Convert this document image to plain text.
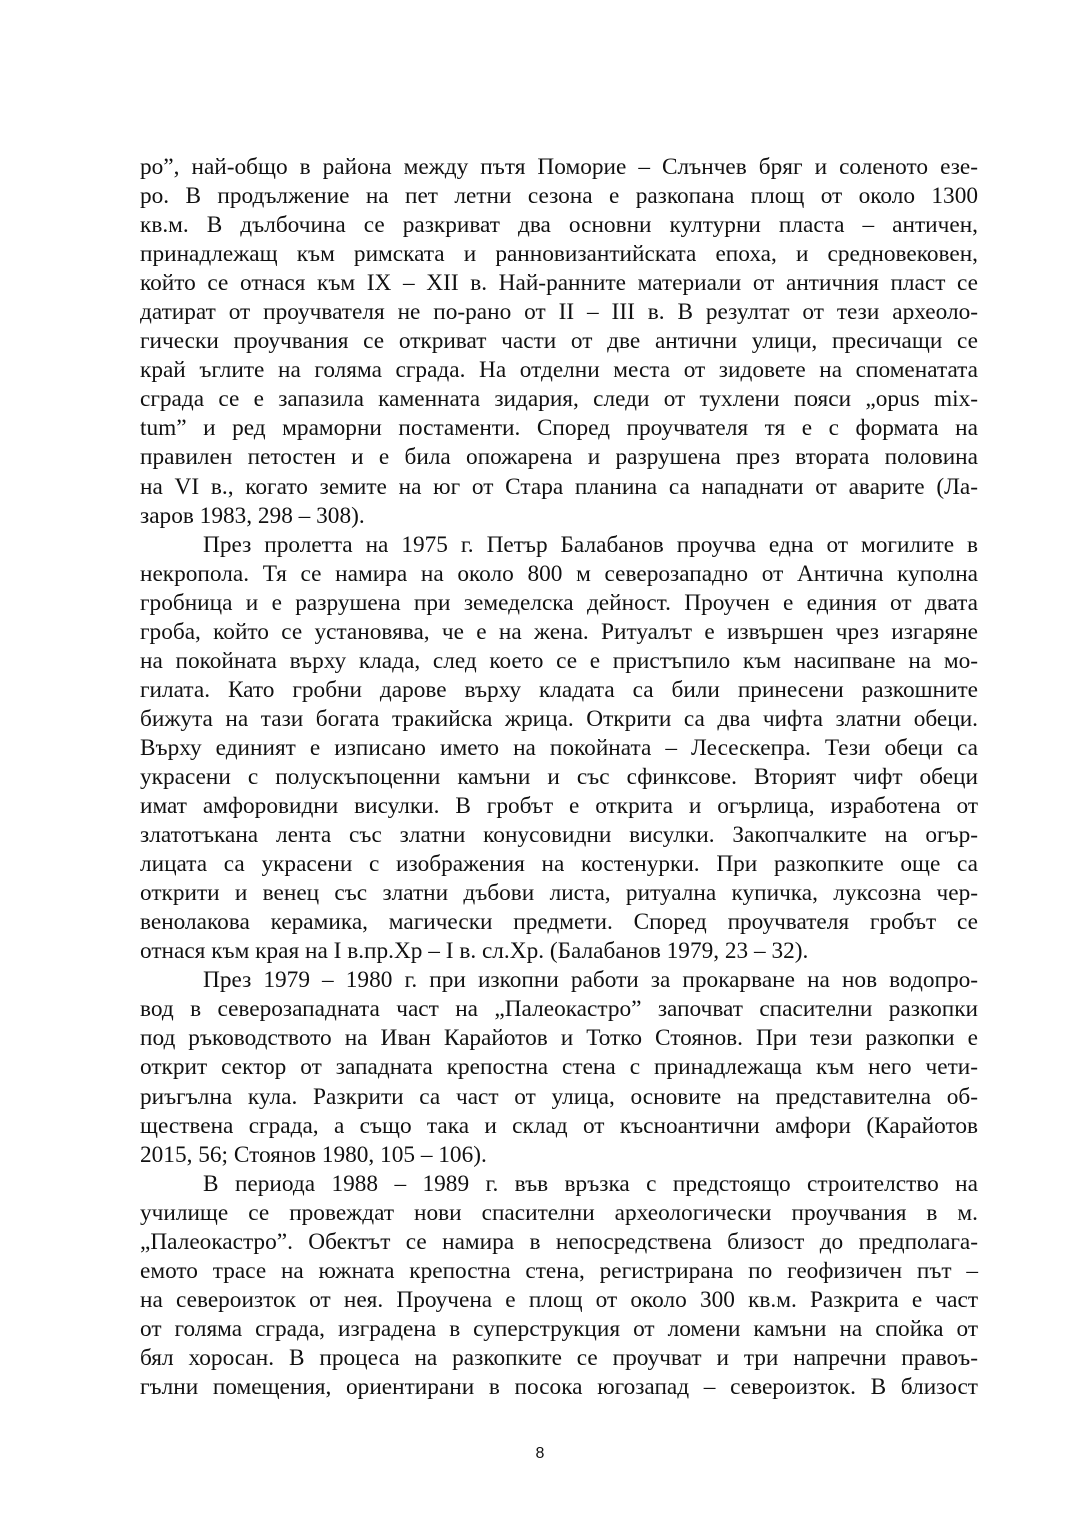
ро”, най-общо в района между пътя Поморие – Слънчев бряг и соленото езе-
ро. В продължение на пет летни сезона е разкопана площ от около 1300
кв.м. В дълбочина се разкриват два основни културни пласта – античен,
принадлежащ към римската и ранновизантийската епоха, и средновековен,
който се отнася към IX – XII в. Най-ранните материали от античния пласт се
датират от проучвателя не по-рано от II – III в. В резултат от тези археоло-
гически проучвания се откриват части от две антични улици, пресичащи се
край ъглите на голяма сграда. На отделни места от зидовете на споменатата
сграда се е запазила каменната зидария, следи от тухлени пояси „opus mix-
tum” и ред мраморни постаменти. Според проучвателя тя е с формата на
правилен петостен и е била опожарена и разрушена през втората половина
на VI в., когато земите на юг от Стара планина са нападнати от аварите (Ла-
заров 1983, 298 – 308).
През пролетта на 1975 г. Петър Балабанов проучва една от могилите в
некропола. Тя се намира на около 800 м северозападно от Антична куполна
гробница и е разрушена при земеделска дейност. Проучен е единия от двата
гроба, който се установява, че е на жена. Ритуалът е извършен чрез изгаряне
на покойната върху клада, след което се е пристъпило към насипване на мо-
гилата. Като гробни дарове върху кладата са били принесени разкошните
бижута на тази богата тракийска жрица. Открити са два чифта златни обеци.
Върху единият е изписано името на покойната – Лесескепра. Тези обеци са
украсени с полускъпоценни камъни и със сфинксове. Вторият чифт обеци
имат амфоровидни висулки. В гробът е открита и огърлица, изработена от
златотъкана лента със златни конусовидни висулки. Закопчалките на огър-
лицата са украсени с изображения на костенурки. При разкопките още са
открити и венец със златни дъбови листа, ритуална купичка, луксозна чер-
венолакова керамика, магически предмети. Според проучвателя гробът се
отнася към края на I в.пр.Хр – I в. сл.Хр. (Балабанов 1979, 23 – 32).
През 1979 – 1980 г. при изкопни работи за прокарване на нов водопро-
вод в северозападната част на „Палеокастро” започват спасителни разкопки
под ръководството на Иван Карайотов и Тотко Стоянов. При тези разкопки е
открит сектор от западната крепостна стена с принадлежаща към него чети-
риъгълна кула. Разкрити са част от улица, основите на представителна об-
ществена сграда, а също така и склад от късноантични амфори (Карайотов
2015, 56; Стоянов 1980, 105 – 106).
В периода 1988 – 1989 г. във връзка с предстоящо строителство на
училище се провеждат нови спасителни археологически проучвания в м.
„Палеокастро”. Обектът се намира в непосредствена близост до предполага-
емото трасе на южната крепостна стена, регистрирана по геофизичен път –
на североизток от нея. Проучена е площ от около 300 кв.м. Разкрита е част
от голяма сграда, изградена в суперструкция от ломени камъни на спойка от
бял хоросан. В процеса на разкопките се проучват и три напречни правоъ-
гълни помещения, ориентирани в посока югозапад – североизток. В близост
8
